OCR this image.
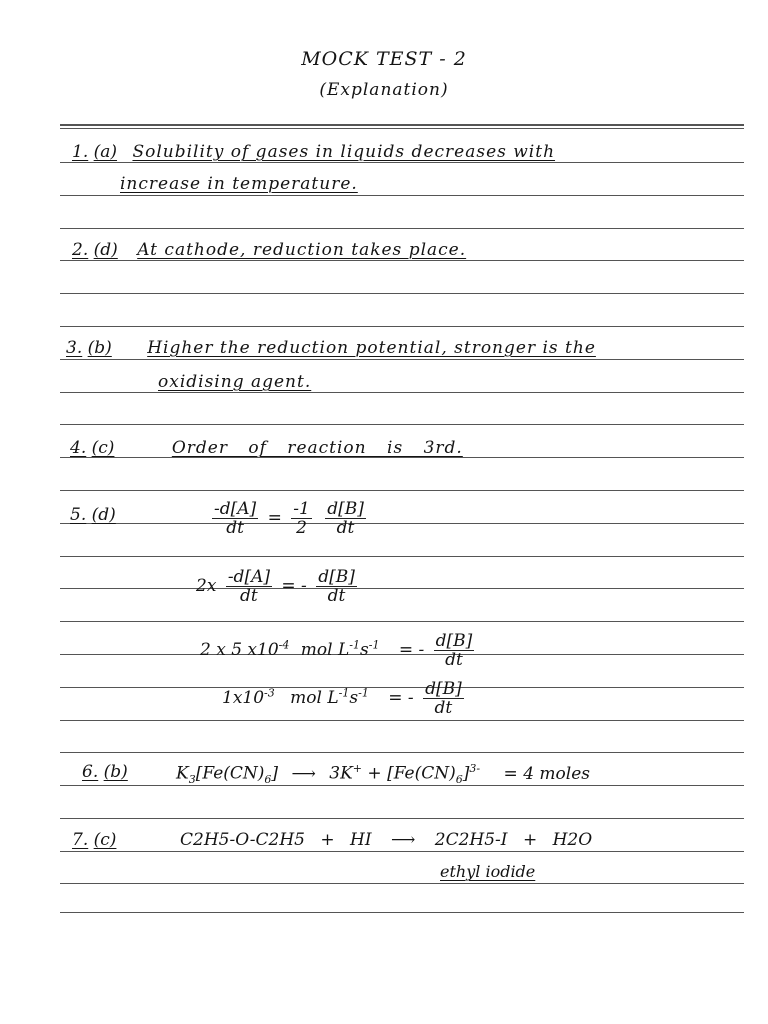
MOCK TEST - 2
(Explanation)
1. (a) Solubility of gases in liquids decreases with
increase in temperature.
2. (d) At cathode, reduction takes place.
3. (b) Higher the reduction potential, stronger is the
oxidising agent.
4. (c)	Order of reaction is 3rd.
5. (d)	$\frac{-d[A]}{dt} = \frac{-1}{2}$
$\frac{d[B]}{dt}$
$2x \frac{-d[A]}{dt}$ = - $\frac{d[B]}{dt}$
2 x 5 $x10^{-4}$ mol $L^{-1}s^{-1}$ = - $\frac{d[B]}{dt}$
$1x10^{-3}$ mol $L^{-1}s^{-1}$ = - $\frac{d[B]}{dt}$
6. (b)	$K_3[Fe(CN)_6]$ ⟶ $3K^+ + [Fe(CN)_6]^{3-} = 4$ moles
7. (c)	C2H5-O-C2H5 + HI ⟶ 2C2H5-I + H2O
ethyl iodide
